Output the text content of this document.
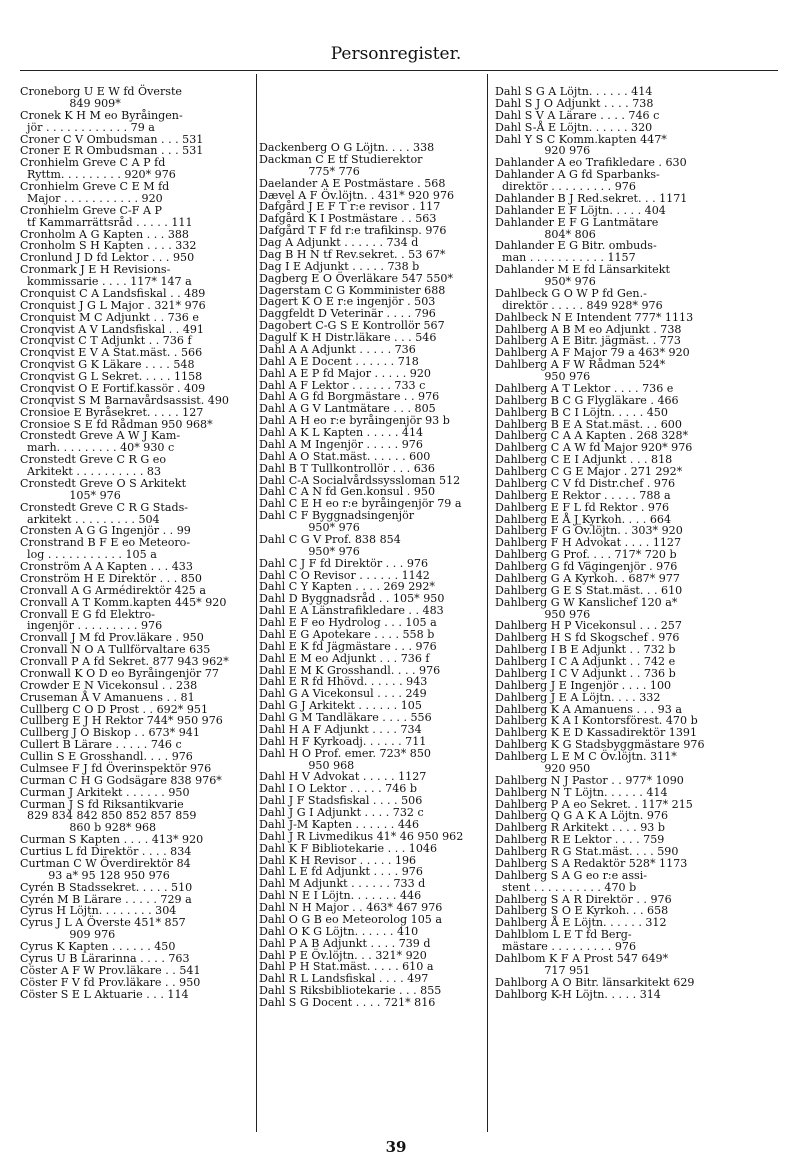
Personregister.
Croneborg U E W fd Överste
849 909*
Cronek K H M eo Byråingen-
jör . . . . . . . . . . . . 79 a
Croner C V Ombudsman . . . 531
Croner E R Ombudsman . . . 531
Cronhielm Greve C A P fd
Ryttm. . . . . . . . . 920* 976
Cronhielm Greve C E M fd
Major . . . . . . . . . . . 920
Cronhielm Greve C-F A P
tf Kammarrättsråd . . . . . 111
Cronholm A G Kapten . . . 388
Cronholm S H Kapten . . . . 332
Cronlund J D fd Lektor . . . 950
Cronmark J E H Revisions-
kommissarie . . . . 117* 147 a
Cronquist C A Landsfiskal . . 489
Cronquist J G L Major . 321* 976
Cronquist M C Adjunkt . . 736 e
Cronqvist A V Landsfiskal . . 491
Cronqvist C T Adjunkt . . 736 f
Cronqvist E V A Stat.mäst. . 566
Cronqvist G K Läkare . . . . 548
Cronqvist G L Sekret. . . . . 1158
Cronqvist O E Fortif.kassör . 409
Cronqvist S M Barnavårdsassist. 490
Cronsioe E Byråsekret. . . . . 127
Cronsioe S E fd Rådman 950 968*
Cronstedt Greve A W J Kam-
marh. . . . . . . . . 40* 930 c
Cronstedt Greve C R G eo
Arkitekt . . . . . . . . . . 83
Cronstedt Greve O S Arkitekt
105* 976
Cronstedt Greve C R G Stads-
arkitekt . . . . . . . . . 504
Cronsten A G G Ingenjör . . 99
Cronstrand B F E eo Meteoro-
log . . . . . . . . . . . 105 a
Cronström A A Kapten . . . 433
Cronström H E Direktör . . . 850
Cronvall A G Armédirektör 425 a
Cronvall A T Komm.kapten 445* 920
Cronvall E G fd Elektro-
ingenjör . . . . . . . . . 976
Cronvall J M fd Prov.läkare . 950
Cronvall N O A Tullförvaltare 635
Cronvall P A fd Sekret. 877 943 962*
Cronwall K O D eo Byråingenjör 77
Crowder E N Vicekonsul . . 238
Cruseman Å V Amanuens . . 81
Cullberg C O D Prost . . 692* 951
Cullberg E J H Rektor 744* 950 976
Cullberg J O Biskop . . 673* 941
Cullert B Lärare . . . . . 746 c
Cullin S E Grosshandl. . . . 976
Culmsee F J fd Överinspektör 976
Curman C H G Godsägare 838 976*
Curman J Arkitekt . . . . . . 950
Curman J S fd Riksantikvarie
829 834 842 850 852 857 859
860 b 928* 968
Curman S Kapten . . . . 413* 920
Curtius L fd Direktör . . . . 834
Curtman C W Överdirektör 84
93 a* 95 128 950 976
Cyrén B Stadssekret. . . . . 510
Cyrén M B Lärare . . . . . 729 a
Cyrus H Löjtn. . . . . . . . 304
Cyrus J L A Överste 451* 857
909 976
Cyrus K Kapten . . . . . . 450
Cyrus U B Lärarinna . . . . 763
Cöster A F W Prov.läkare . . 541
Cöster F V fd Prov.läkare . . 950
Cöster S E L Aktuarie . . . 114
Dackenberg O G Löjtn. . . . 338
Dackman C E tf Studierektor
775* 776
Daelander A E Postmästare . 568
Dævel A F Öv.löjtn. . 431* 920 976
Dafgård J E F T r:e revisor . 117
Dafgård K I Postmästare . . 563
Dafgård T F fd r:e trafikinsp. 976
Dag A Adjunkt . . . . . . 734 d
Dag B H N tf Rev.sekret. . 53 67*
Dag I E Adjunkt . . . . . 738 b
Dagberg E O Överläkare 547 550*
Dagerstam C G Komminister 688
Dagert K O E r:e ingenjör . 503
Daggfeldt D Veterinär . . . . 796
Dagobert C-G S E Kontrollör 567
Dagulf K H Distr.läkare . . . 546
Dahl A A Adjunkt . . . . . 736
Dahl A E Docent . . . . . . 718
Dahl A E P fd Major . . . . . 920
Dahl A F Lektor . . . . . . 733 c
Dahl A G fd Borgmästare . . 976
Dahl A G V Lantmätare . . . 805
Dahl A H eo r:e byråingenjör 93 b
Dahl A K L Kapten . . . . . 414
Dahl A M Ingenjör . . . . . 976
Dahl A O Stat.mäst. . . . . . 600
Dahl B T Tullkontrollör . . . 636
Dahl C-A Socialvårdssyssloman 512
Dahl C A N fd Gen.konsul . 950
Dahl C E H eo r:e byråingenjör 79 a
Dahl C F Byggnadsingenjör
950* 976
Dahl C G V Prof. 838 854
950* 976
Dahl C J F fd Direktör . . . 976
Dahl C O Revisor . . . . . . 1142
Dahl C Y Kapten . . . . 269 292*
Dahl D Byggnadsråd . . 105* 950
Dahl E A Länstrafikledare . . 483
Dahl E F eo Hydrolog . . . 105 a
Dahl E G Apotekare . . . . 558 b
Dahl E K fd Jägmästare . . . 976
Dahl E M eo Adjunkt . . . 736 f
Dahl E M K Grosshandl. . . . 976
Dahl E R fd Hhövd. . . . . . 943
Dahl G A Vicekonsul . . . . 249
Dahl G J Arkitekt . . . . . . 105
Dahl G M Tandläkare . . . . 556
Dahl H A F Adjunkt . . . . 734
Dahl H F Kyrkoadj. . . . . . 711
Dahl H O Prof. emer. 723* 850
950 968
Dahl H V Advokat . . . . . 1127
Dahl I O Lektor . . . . . 746 b
Dahl J F Stadsfiskal . . . . 506
Dahl J G I Adjunkt . . . . 732 c
Dahl J-M Kapten . . . . . . 446
Dahl J R Livmedikus 41* 46 950 962
Dahl K F Bibliotekarie . . . 1046
Dahl K H Revisor . . . . . 196
Dahl L E fd Adjunkt . . . . 976
Dahl M Adjunkt . . . . . . 733 d
Dahl N E I Löjtn. . . . . . . 446
Dahl N H Major . . 463* 467 976
Dahl O G B eo Meteorolog 105 a
Dahl O K G Löjtn. . . . . . 410
Dahl P A B Adjunkt . . . . 739 d
Dahl P E Öv.löjtn. . . 321* 920
Dahl P H Stat.mäst. . . . . 610 a
Dahl R L Landsfiskal . . . . 497
Dahl S Riksbibliotekarie . . . 855
Dahl S G Docent . . . . 721* 816
Dahl S G A Löjtn. . . . . . 414
Dahl S J O Adjunkt . . . . 738
Dahl S V A Lärare . . . . 746 c
Dahl S-Å E Löjtn. . . . . . 320
Dahl Y S C Komm.kapten 447*
920 976
Dahlander A eo Trafikledare . 630
Dahlander A G fd Sparbanks-
direktör . . . . . . . . . 976
Dahlander B J Red.sekret. . . 1171
Dahlander E F Löjtn. . . . . 404
Dahlander E F G Lantmätare
804* 806
Dahlander E G Bitr. ombuds-
man . . . . . . . . . . . 1157
Dahlander M E fd Länsarkitekt
950* 976
Dahlbeck G O W P fd Gen.-
direktör . . . . . 849 928* 976
Dahlbeck N E Intendent 777* 1113
Dahlberg A B M eo Adjunkt . 738
Dahlberg A E Bitr. jägmäst. . 773
Dahlberg A F Major 79 a 463* 920
Dahlberg A F W Rådman 524*
950 976
Dahlberg A T Lektor . . . . 736 e
Dahlberg B C G Flygläkare . 466
Dahlberg B C I Löjtn. . . . . 450
Dahlberg B E A Stat.mäst. . . 600
Dahlberg C A A Kapten . 268 328*
Dahlberg C A W fd Major 920* 976
Dahlberg C E I Adjunkt . . . 818
Dahlberg C G E Major . 271 292*
Dahlberg C V fd Distr.chef . 976
Dahlberg E Rektor . . . . . 788 a
Dahlberg E F L fd Rektor . 976
Dahlberg E Å J Kyrkoh. . . . 664
Dahlberg F G Öv.löjtn. . 303* 920
Dahlberg F H Advokat . . . . 1127
Dahlberg G Prof. . . . 717* 720 b
Dahlberg G fd Vägingenjör . 976
Dahlberg G A Kyrkoh. . 687* 977
Dahlberg G E S Stat.mäst. . . 610
Dahlberg G W Kanslichef 120 a*
950 976
Dahlberg H P Vicekonsul . . . 257
Dahlberg H S fd Skogschef . 976
Dahlberg I B E Adjunkt . . 732 b
Dahlberg I C A Adjunkt . . 742 e
Dahlberg I C V Adjunkt . . 736 b
Dahlberg J E Ingenjör . . . . 100
Dahlberg J E A Löjtn. . . . 332
Dahlberg K A Amanuens . . . 93 a
Dahlberg K A I Kontorsförest. 470 b
Dahlberg K E D Kassadirektör 1391
Dahlberg K G Stadsbyggmästare 976
Dahlberg L E M C Öv.löjtn. 311*
920 950
Dahlberg N J Pastor . . 977* 1090
Dahlberg N T Löjtn. . . . . . 414
Dahlberg P A eo Sekret. . 117* 215
Dahlberg Q G A K A Löjtn. 976
Dahlberg R Arkitekt . . . . 93 b
Dahlberg R E Lektor . . . . 759
Dahlberg R G Stat.mäst. . . . 590
Dahlberg S A Redaktör 528* 1173
Dahlberg S A G eo r:e assi-
stent . . . . . . . . . . 470 b
Dahlberg S A R Direktör . . 976
Dahlberg S O E Kyrkoh. . . 658
Dahlberg Å E Löjtn. . . . . . 312
Dahlblom L E T fd Berg-
mästare . . . . . . . . . 976
Dahlbom K F A Prost 547 649*
717 951
Dahlborg A O Bitr. länsarkitekt 629
Dahlborg K-H Löjtn. . . . . 314
39
